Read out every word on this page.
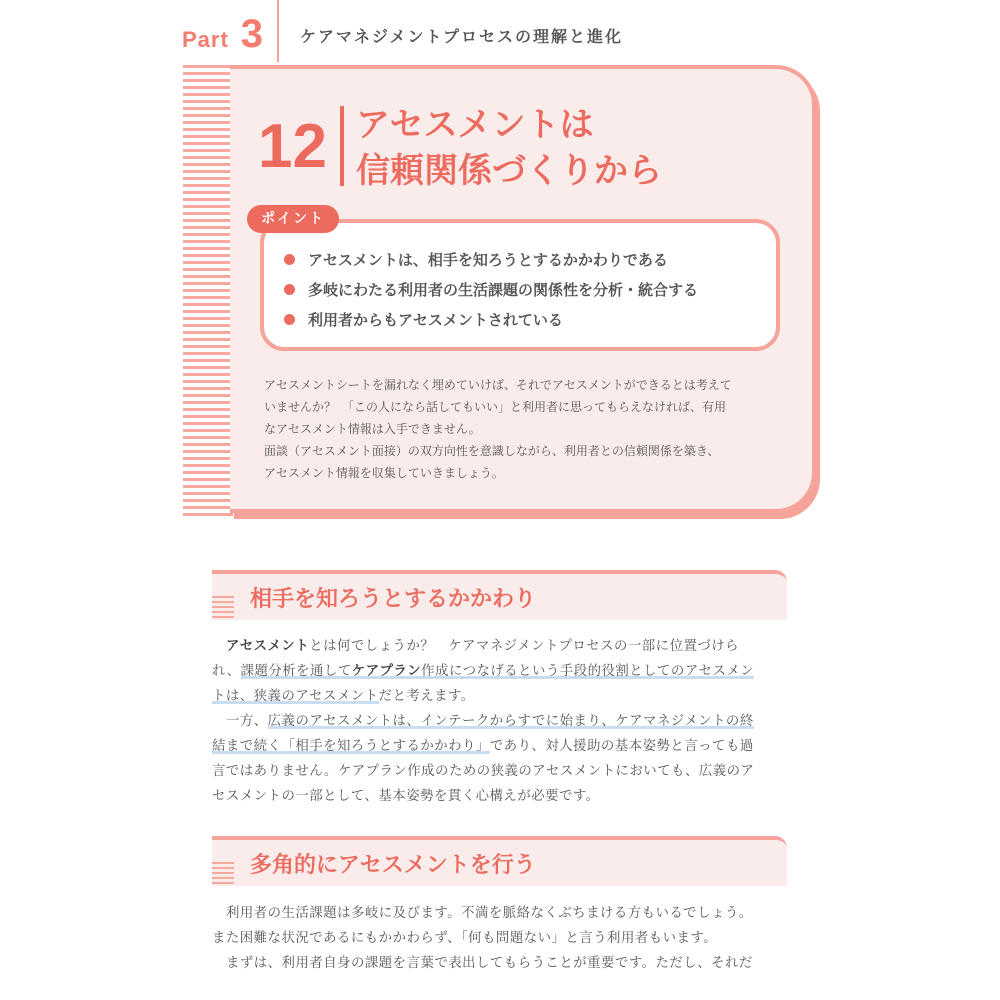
Part 3 ケアマネジメントプロセスの理解と進化
12 アセスメントは
信頼関係づくりから
ポイント
アセスメントは、相手を知ろうとするかかわりである
多岐にわたる利用者の生活課題の関係性を分析・統合する
利用者からもアセスメントされている

アセスメントシートを漏れなく埋めていけば、それでアセスメントができるとは考えて

いませんか？　「この人になら話してもいい」と利用者に思ってもらえなければ、有用

なアセスメント情報は入手できません。

面談（アセスメント面接）の双方向性を意識しながら、利用者との信頼関係を築き、

アセスメント情報を収集していきましょう。

相手を知ろうとするかかわり

アセスメントとは何でしょうか？　ケアマネジメントプロセスの一部に位置づけら

れ、課題分析を通してケアプラン作成につなげるという手段的役割としてのアセスメン

トは、狭義のアセスメントだと考えます。

一方、広義のアセスメントは、インテークからすでに始まり、ケアマネジメントの終

結まで続く「相手を知ろうとするかかわり」であり、対人援助の基本姿勢と言っても過

言ではありません。ケアプラン作成のための狭義のアセスメントにおいても、広義のア

セスメントの一部として、基本姿勢を貫く心構えが必要です。

多角的にアセスメントを行う

利用者の生活課題は多岐に及びます。不満を脈絡なくぶちまける方もいるでしょう。

また困難な状況であるにもかかわらず、「何も問題ない」と言う利用者もいます。

まずは、利用者自身の課題を言葉で表出してもらうことが重要です。ただし、それだ
